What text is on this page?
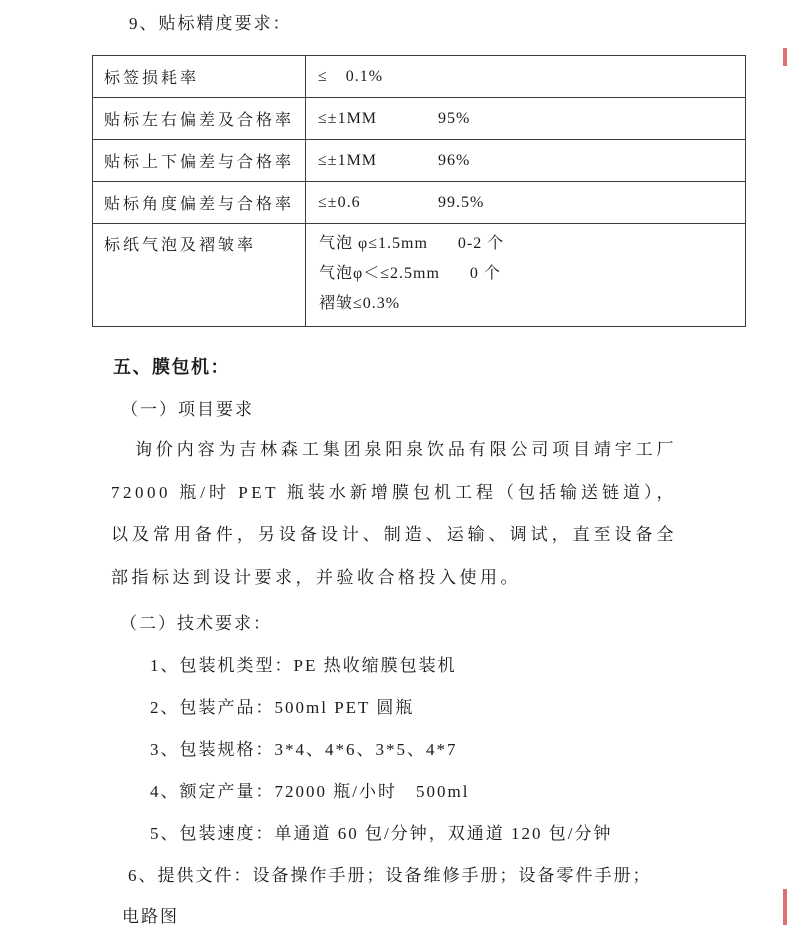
9、贴标精度要求：
标签损耗率	≤ 0.1%
贴标左右偏差及合格率	≤±1MM 95%
贴标上下偏差与合格率	≤±1MM 96%
贴标角度偏差与合格率	≤±0.6 99.5%
标纸气泡及褶皱率	气泡 φ≤1.5mm 0-2 个
气泡φ＜≤2.5mm 0 个
褶皱≤0.3%
五、膜包机：
（一）项目要求

询价内容为吉林森工集团泉阳泉饮品有限公司项目靖宇工厂 72000 瓶/时 PET 瓶装水新增膜包机工程（包括输送链道），以及常用备件，另设备设计、制造、运输、调试，直至设备全部指标达到设计要求，并验收合格投入使用。

（二）技术要求：
1、包装机类型：PE 热收缩膜包装机
2、包装产品：500ml PET 圆瓶
3、包装规格：3*4、4*6、3*5、4*7
4、额定产量：72000 瓶/小时　500ml
5、包装速度：单通道 60 包/分钟，双通道 120 包/分钟
6、提供文件：设备操作手册；设备维修手册；设备零件手册；
电路图
